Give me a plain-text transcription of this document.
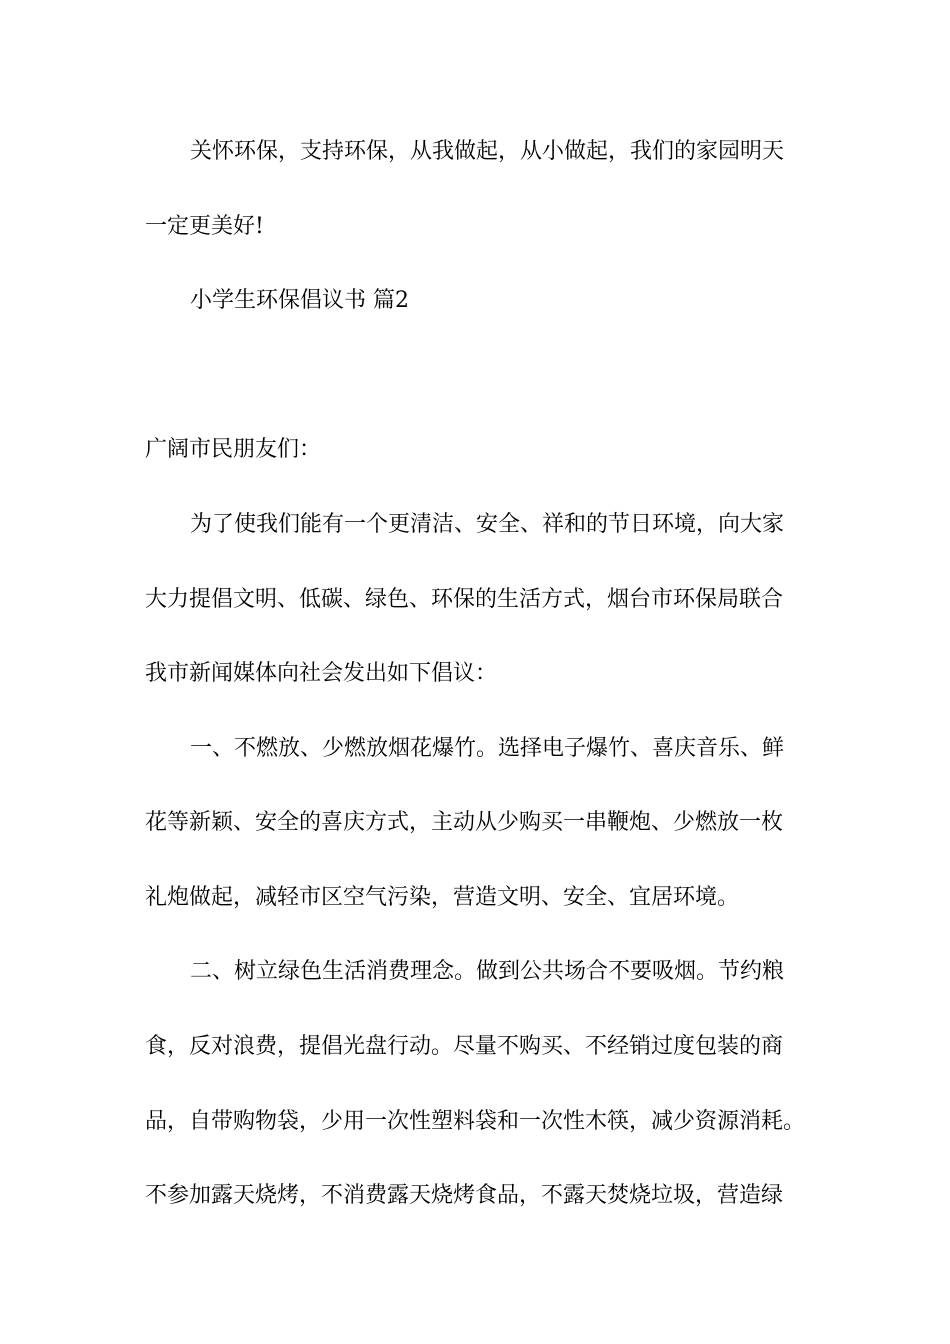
关怀环保，支持环保，从我做起，从小做起，我们的家园明天
一定更美好!
小学生环保倡议书 篇2
广阔市民朋友们：
为了使我们能有一个更清洁、安全、祥和的节日环境，向大家
大力提倡文明、低碳、绿色、环保的生活方式，烟台市环保局联合
我市新闻媒体向社会发出如下倡议：
一、不燃放、少燃放烟花爆竹。选择电子爆竹、喜庆音乐、鲜
花等新颖、安全的喜庆方式，主动从少购买一串鞭炮、少燃放一枚
礼炮做起，减轻市区空气污染，营造文明、安全、宜居环境。
二、树立绿色生活消费理念。做到公共场合不要吸烟。节约粮
食，反对浪费，提倡光盘行动。尽量不购买、不经销过度包装的商
品，自带购物袋，少用一次性塑料袋和一次性木筷，减少资源消耗。
不参加露天烧烤，不消费露天烧烤食品，不露天焚烧垃圾，营造绿
